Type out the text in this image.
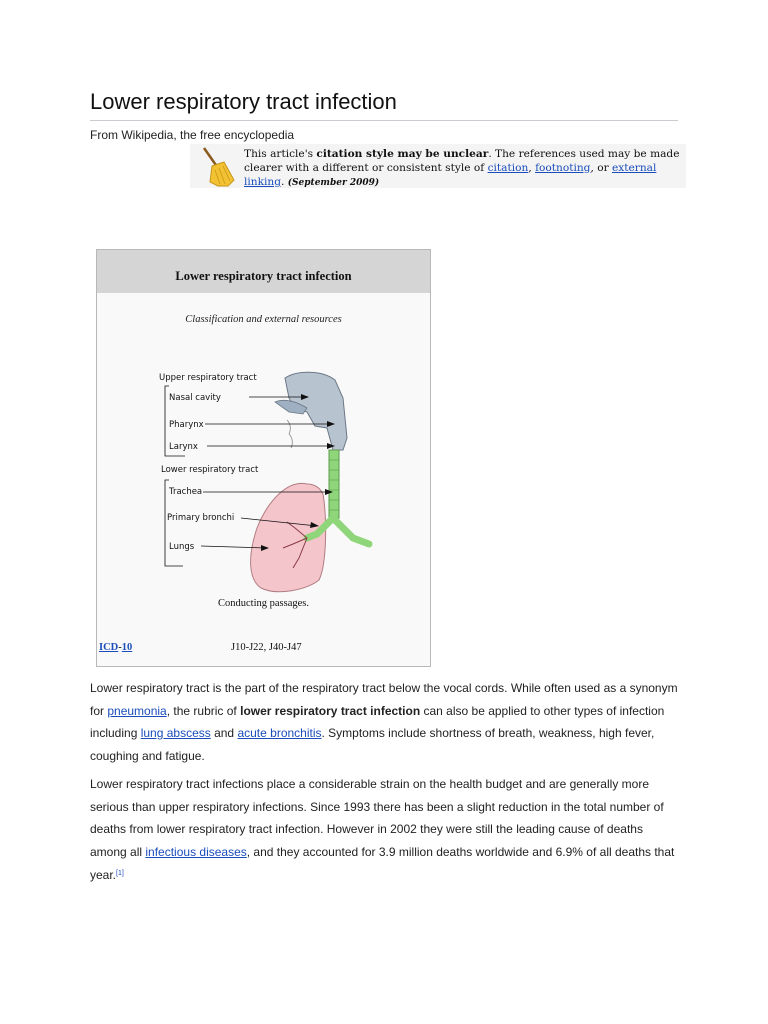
Lower respiratory tract infection
From Wikipedia, the free encyclopedia
This article's citation style may be unclear. The references used may be made clearer with a different or consistent style of citation, footnoting, or external linking. (September 2009)
Lower respiratory tract infection
Classification and external resources
Upper respiratory tract
Nasal cavity
Pharynx
Larynx
Lower respiratory tract
Trachea
Primary bronchi
Lungs
Conducting passages.
ICD-10	J10-J22, J40-J47
Lower respiratory tract is the part of the respiratory tract below the vocal cords. While often used as a synonym for pneumonia, the rubric of lower respiratory tract infection can also be applied to other types of infection including lung abscess and acute bronchitis. Symptoms include shortness of breath, weakness, high fever, coughing and fatigue.
Lower respiratory tract infections place a considerable strain on the health budget and are generally more serious than upper respiratory infections. Since 1993 there has been a slight reduction in the total number of deaths from lower respiratory tract infection. However in 2002 they were still the leading cause of deaths among all infectious diseases, and they accounted for 3.9 million deaths worldwide and 6.9% of all deaths that year.[1]
